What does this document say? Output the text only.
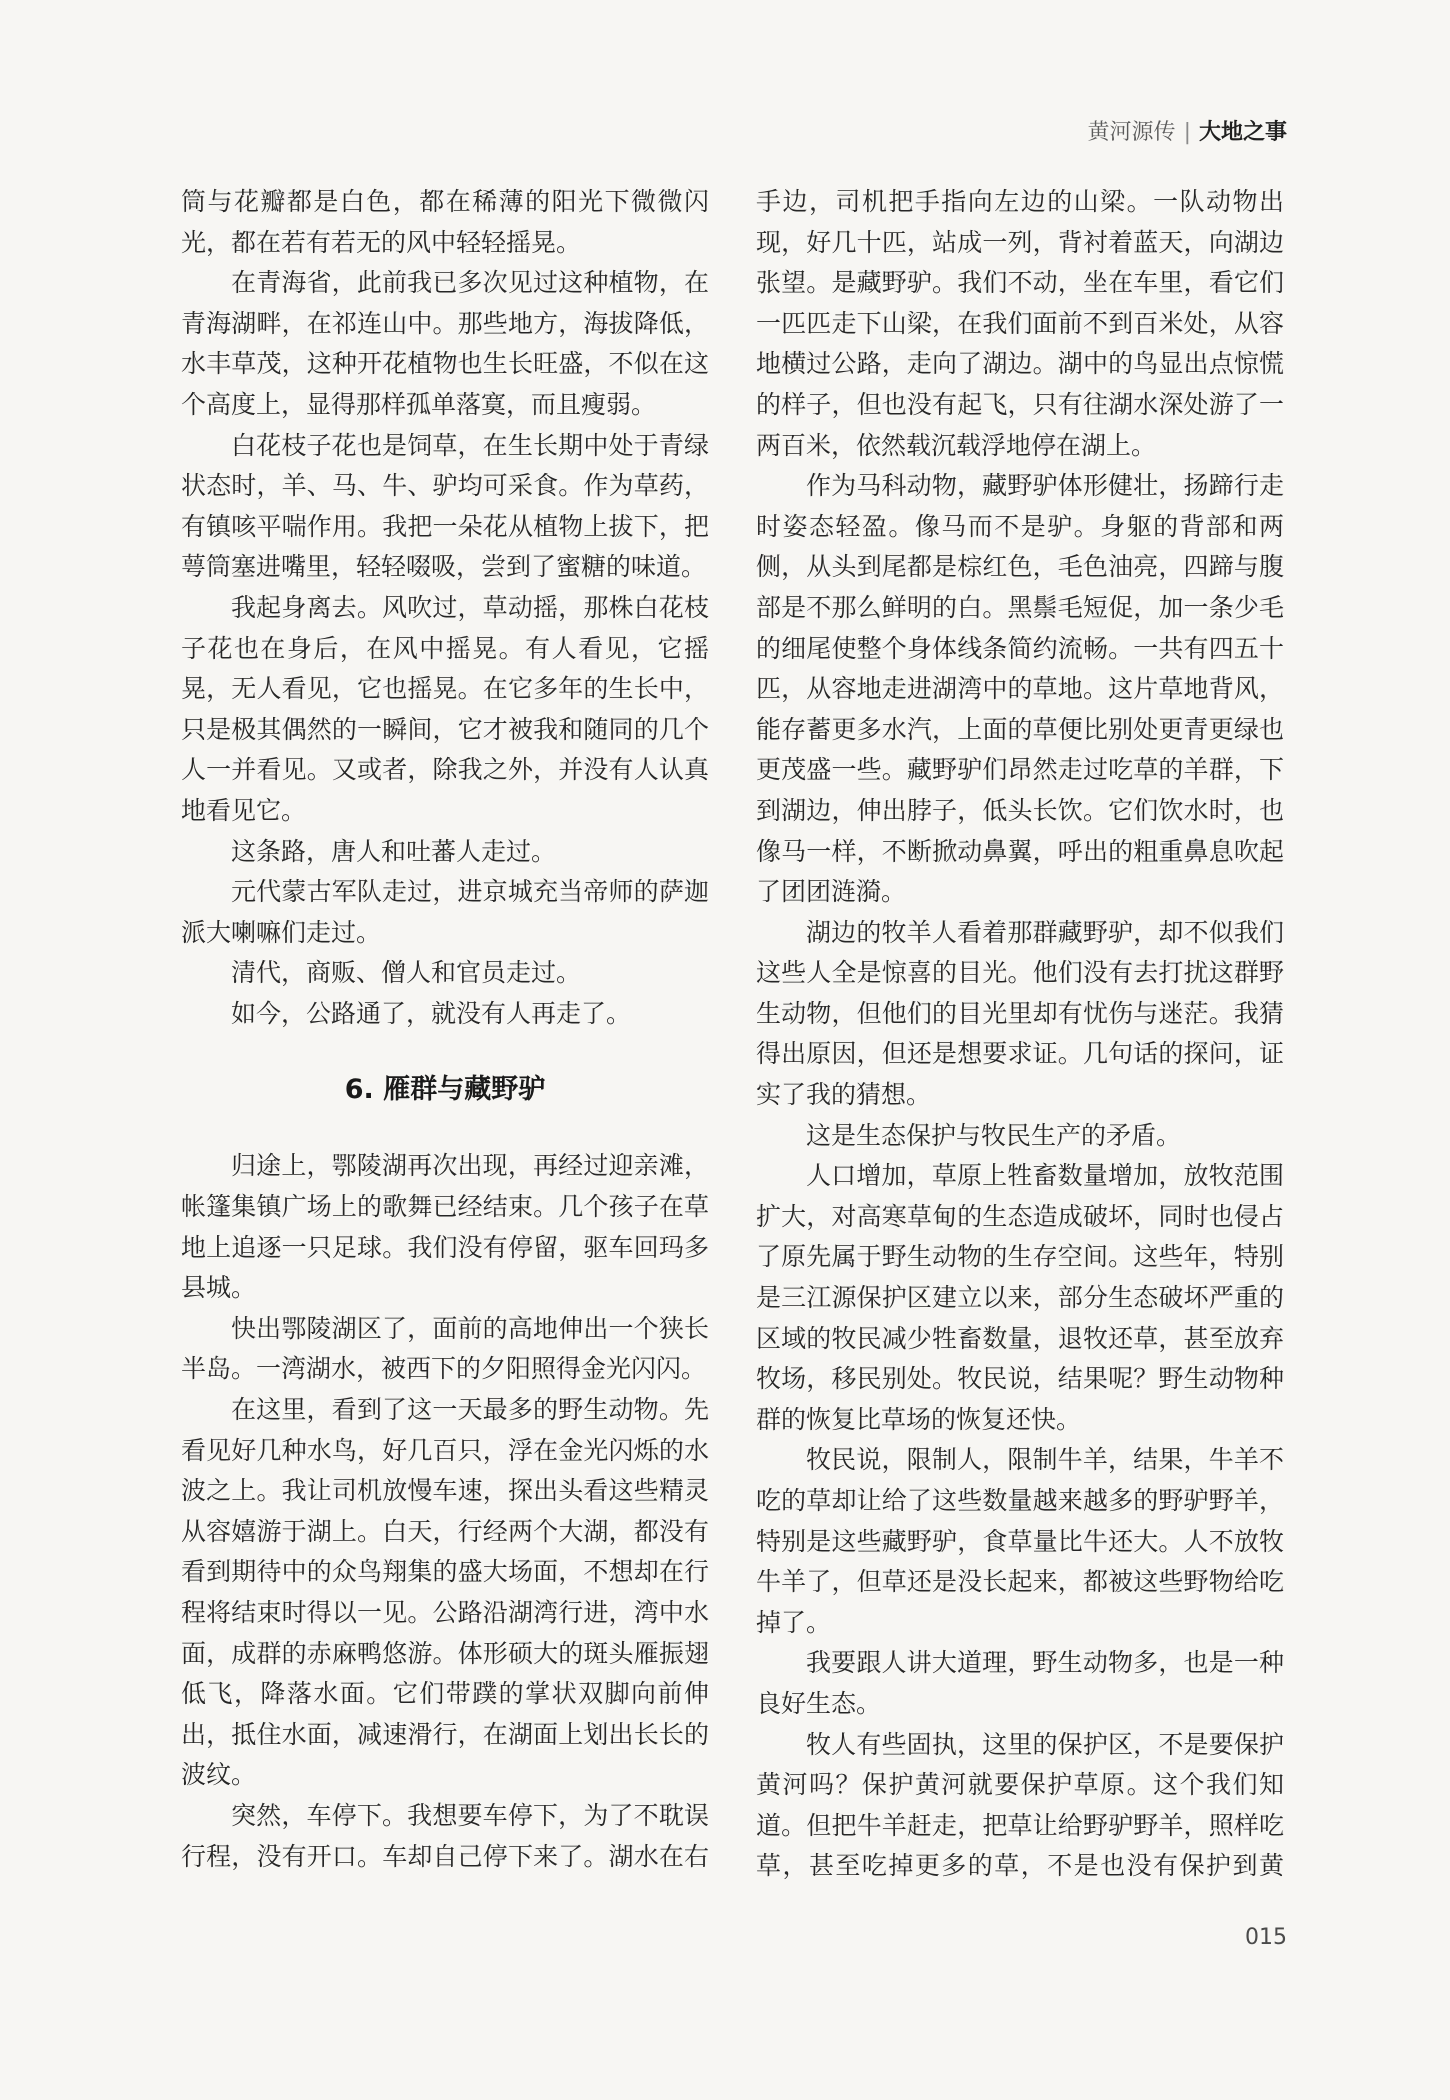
黄河源传 | 大地之事

筒与花瓣都是白色，都在稀薄的阳光下微微闪光，都在若有若无的风中轻轻摇晃。

在青海省，此前我已多次见过这种植物，在青海湖畔，在祁连山中。那些地方，海拔降低，水丰草茂，这种开花植物也生长旺盛，不似在这个高度上，显得那样孤单落寞，而且瘦弱。

白花枝子花也是饲草，在生长期中处于青绿状态时，羊、马、牛、驴均可采食。作为草药，有镇咳平喘作用。我把一朵花从植物上拔下，把萼筒塞进嘴里，轻轻啜吸，尝到了蜜糖的味道。

我起身离去。风吹过，草动摇，那株白花枝子花也在身后，在风中摇晃。有人看见，它摇晃，无人看见，它也摇晃。在它多年的生长中，只是极其偶然的一瞬间，它才被我和随同的几个人一并看见。又或者，除我之外，并没有人认真地看见它。

这条路，唐人和吐蕃人走过。

元代蒙古军队走过，进京城充当帝师的萨迦派大喇嘛们走过。

清代，商贩、僧人和官员走过。

如今，公路通了，就没有人再走了。

6. 雁群与藏野驴

归途上，鄂陵湖再次出现，再经过迎亲滩，帐篷集镇广场上的歌舞已经结束。几个孩子在草地上追逐一只足球。我们没有停留，驱车回玛多县城。

快出鄂陵湖区了，面前的高地伸出一个狭长半岛。一湾湖水，被西下的夕阳照得金光闪闪。

在这里，看到了这一天最多的野生动物。先看见好几种水鸟，好几百只，浮在金光闪烁的水波之上。我让司机放慢车速，探出头看这些精灵从容嬉游于湖上。白天，行经两个大湖，都没有看到期待中的众鸟翔集的盛大场面，不想却在行程将结束时得以一见。公路沿湖湾行进，湾中水面，成群的赤麻鸭悠游。体形硕大的斑头雁振翅低飞，降落水面。它们带蹼的掌状双脚向前伸出，抵住水面，减速滑行，在湖面上划出长长的波纹。

突然，车停下。我想要车停下，为了不耽误行程，没有开口。车却自己停下来了。湖水在右

手边，司机把手指向左边的山梁。一队动物出现，好几十匹，站成一列，背衬着蓝天，向湖边张望。是藏野驴。我们不动，坐在车里，看它们一匹匹走下山梁，在我们面前不到百米处，从容地横过公路，走向了湖边。湖中的鸟显出点惊慌的样子，但也没有起飞，只有往湖水深处游了一两百米，依然载沉载浮地停在湖上。

作为马科动物，藏野驴体形健壮，扬蹄行走时姿态轻盈。像马而不是驴。身躯的背部和两侧，从头到尾都是棕红色，毛色油亮，四蹄与腹部是不那么鲜明的白。黑鬃毛短促，加一条少毛的细尾使整个身体线条简约流畅。一共有四五十匹，从容地走进湖湾中的草地。这片草地背风，能存蓄更多水汽，上面的草便比别处更青更绿也更茂盛一些。藏野驴们昂然走过吃草的羊群，下到湖边，伸出脖子，低头长饮。它们饮水时，也像马一样，不断掀动鼻翼，呼出的粗重鼻息吹起了团团涟漪。

湖边的牧羊人看着那群藏野驴，却不似我们这些人全是惊喜的目光。他们没有去打扰这群野生动物，但他们的目光里却有忧伤与迷茫。我猜得出原因，但还是想要求证。几句话的探问，证实了我的猜想。

这是生态保护与牧民生产的矛盾。

人口增加，草原上牲畜数量增加，放牧范围扩大，对高寒草甸的生态造成破坏，同时也侵占了原先属于野生动物的生存空间。这些年，特别是三江源保护区建立以来，部分生态破坏严重的区域的牧民减少牲畜数量，退牧还草，甚至放弃牧场，移民别处。牧民说，结果呢？野生动物种群的恢复比草场的恢复还快。

牧民说，限制人，限制牛羊，结果，牛羊不吃的草却让给了这些数量越来越多的野驴野羊，特别是这些藏野驴，食草量比牛还大。人不放牧牛羊了，但草还是没长起来，都被这些野物给吃掉了。

我要跟人讲大道理，野生动物多，也是一种良好生态。

牧人有些固执，这里的保护区，不是要保护黄河吗？保护黄河就要保护草原。这个我们知道。但把牛羊赶走，把草让给野驴野羊，照样吃草，甚至吃掉更多的草，不是也没有保护到黄

015
